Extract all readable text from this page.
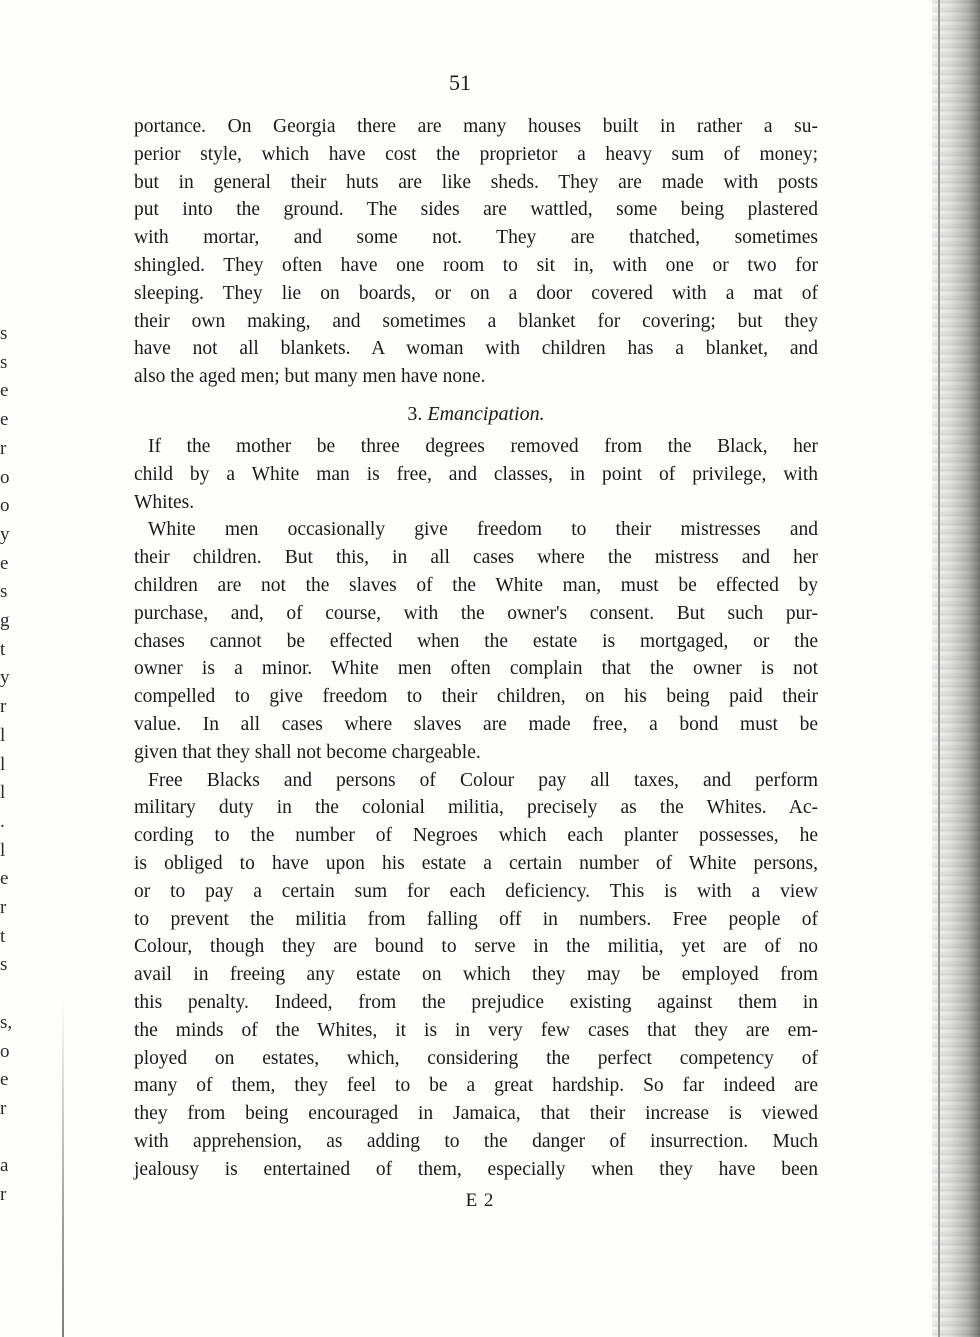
s
s
e
e
r
o
o
y
e
s
g
t
y
r
l
l
l
.
l
e
r
t
s

s,
o
e
r

a
r
51
portance. On Georgia there are many houses built in rather a su-
perior style, which have cost the proprietor a heavy sum of money;
but in general their huts are like sheds. They are made with posts
put into the ground. The sides are wattled, some being plastered
with mortar, and some not. They are thatched, sometimes
shingled. They often have one room to sit in, with one or two for
sleeping. They lie on boards, or on a door covered with a mat of
their own making, and sometimes a blanket for covering; but they
have not all blankets. A woman with children has a blanket, and
also the aged men; but many men have none.
3. Emancipation.
If the mother be three degrees removed from the Black, her
child by a White man is free, and classes, in point of privilege, with
Whites.
White men occasionally give freedom to their mistresses and
their children. But this, in all cases where the mistress and her
children are not the slaves of the White man, must be effected by
purchase, and, of course, with the owner's consent. But such pur-
chases cannot be effected when the estate is mortgaged, or the
owner is a minor. White men often complain that the owner is not
compelled to give freedom to their children, on his being paid their
value. In all cases where slaves are made free, a bond must be
given that they shall not become chargeable.
Free Blacks and persons of Colour pay all taxes, and perform
military duty in the colonial militia, precisely as the Whites. Ac-
cording to the number of Negroes which each planter possesses, he
is obliged to have upon his estate a certain number of White persons,
or to pay a certain sum for each deficiency. This is with a view
to prevent the militia from falling off in numbers. Free people of
Colour, though they are bound to serve in the militia, yet are of no
avail in freeing any estate on which they may be employed from
this penalty. Indeed, from the prejudice existing against them in
the minds of the Whites, it is in very few cases that they are em-
ployed on estates, which, considering the perfect competency of
many of them, they feel to be a great hardship. So far indeed are
they from being encouraged in Jamaica, that their increase is viewed
with apprehension, as adding to the danger of insurrection. Much
jealousy is entertained of them, especially when they have been
E 2
